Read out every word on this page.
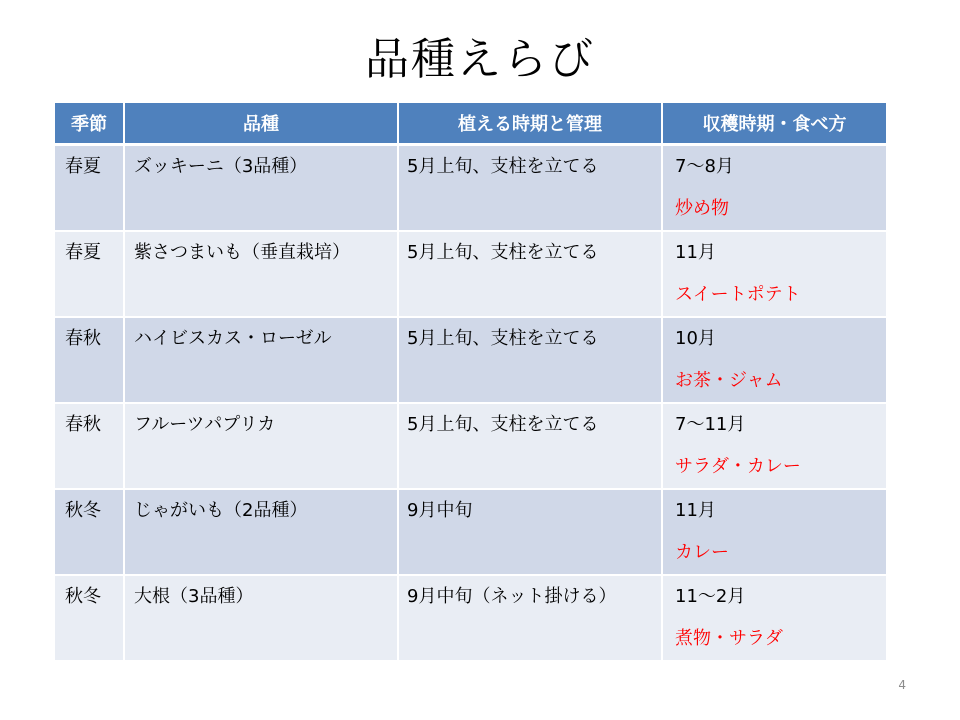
品種えらび
季節	品種	植える時期と管理	収穫時期・食べ方
春夏	ズッキーニ（3品種）	5月上旬、支柱を立てる	7～8月
炒め物

春夏	紫さつまいも（垂直栽培）	5月上旬、支柱を立てる	11月
スイートポテト

春秋	ハイビスカス・ローゼル	5月上旬、支柱を立てる	10月
お茶・ジャム

春秋	フルーツパプリカ	5月上旬、支柱を立てる	7～11月
サラダ・カレー

秋冬	じゃがいも（2品種）	9月中旬	11月
カレー

秋冬	大根（3品種）	9月中旬（ネット掛ける）	11～2月
煮物・サラダ
4
